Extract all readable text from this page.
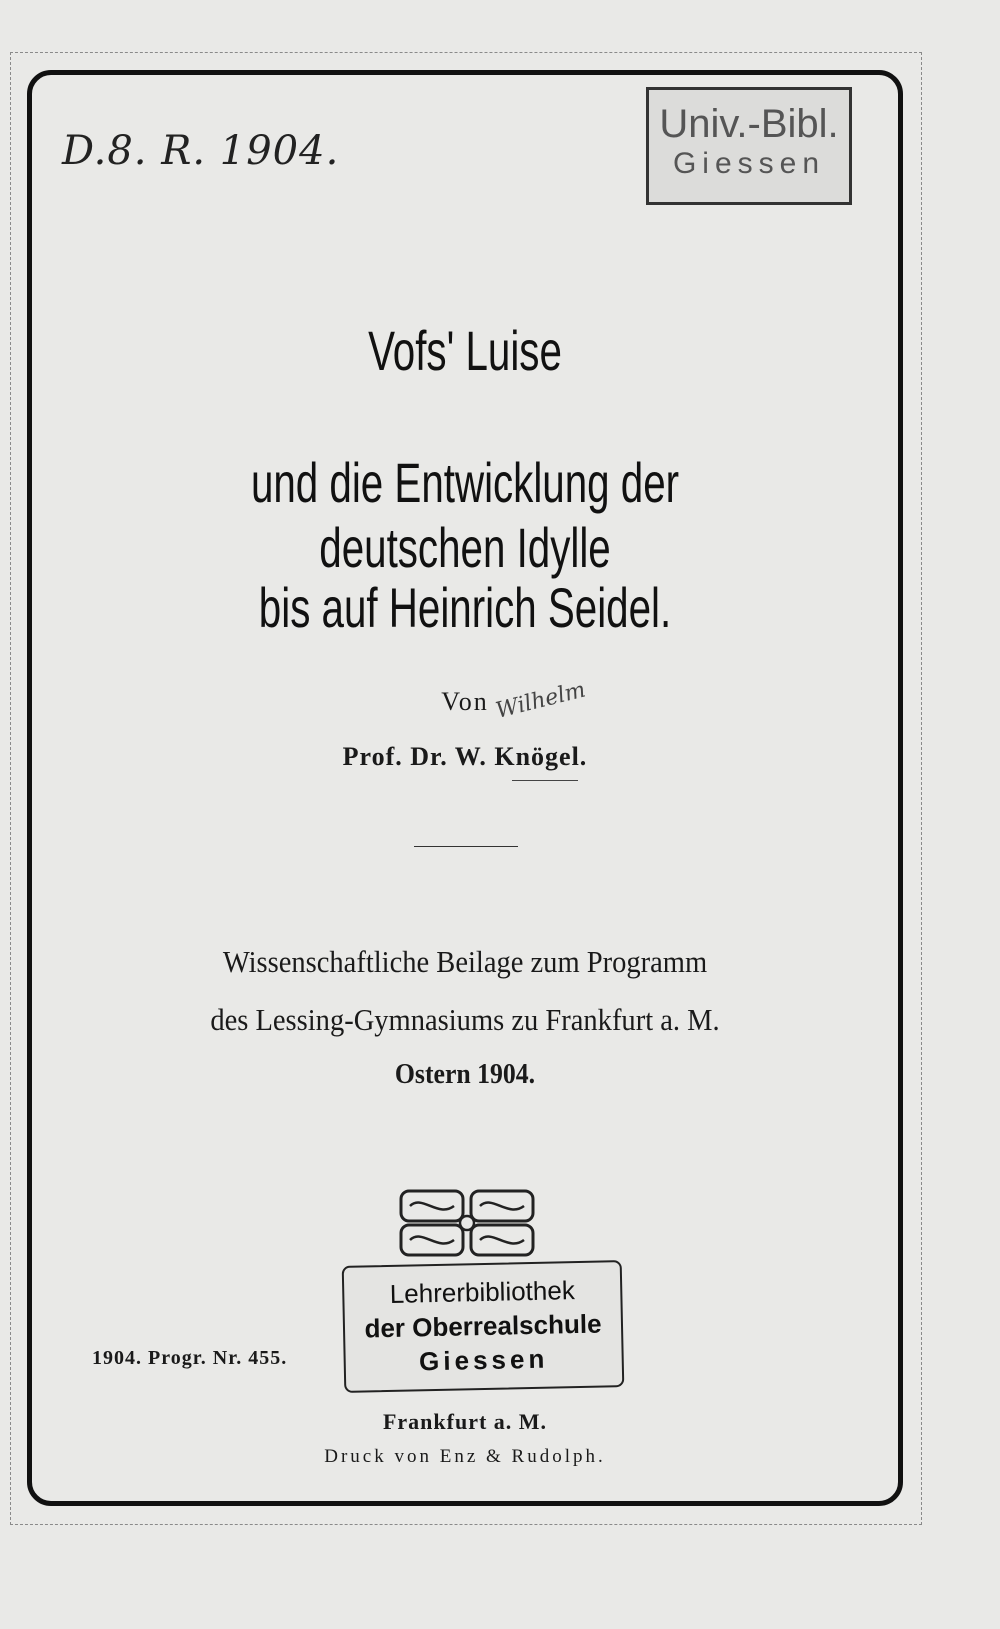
D.8. R. 1904.
Univ.-Bibl.
Giessen
Vofs' Luise
und die Entwicklung der deutschen Idylle
bis auf Heinrich Seidel.
Von Wilhelm
Prof. Dr. W. Knögel.
Wissenschaftliche Beilage zum Programm
des Lessing-Gymnasiums zu Frankfurt a. M.
Ostern 1904.
1904. Progr. Nr. 455.
Lehrerbibliothek
der Oberrealschule
Giessen
Frankfurt a. M.
Druck von Enz & Rudolph.
